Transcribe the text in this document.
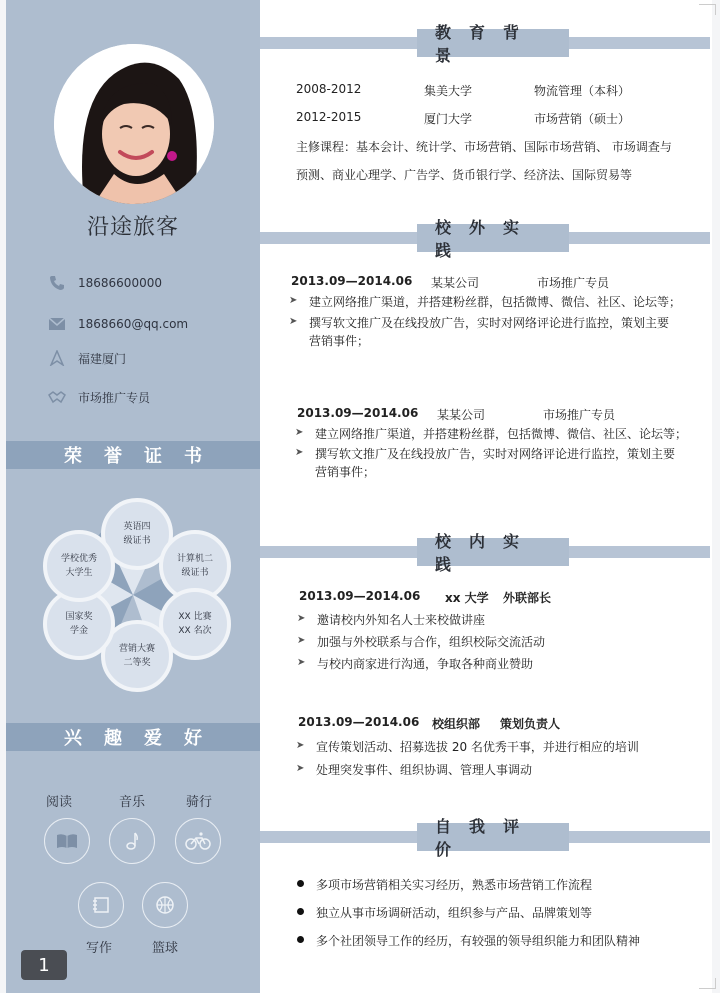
沿途旅客
18686600000
1868660@qq.com
福建厦门
市场推广专员
荣誉证书
英语四
级证书
计算机二
级证书
XX 比赛
XX 名次
营销大赛
二等奖
国家奖
学金
学校优秀
大学生
兴趣爱好
阅读	音乐	骑行
写作	篮球
1
教育背景
2008-2012	集美大学	物流管理（本科）
2012-2015	厦门大学	市场营销（硕士）
主修课程：基本会计、统计学、市场营销、国际市场营销、 市场调查与
预测、商业心理学、广告学、货币银行学、经济法、国际贸易等
校外实践
2013.09—2014.06 某某公司	市场推广专员
➤ 建立网络推广渠道，并搭建粉丝群，包括微博、微信、社区、论坛等；
➤ 撰写软文推广及在线投放广告，实时对网络评论进行监控，策划主要
营销事件；
2013.09—2014.06 某某公司	市场推广专员
➤ 建立网络推广渠道，并搭建粉丝群，包括微博、微信、社区、论坛等；
➤ 撰写软文推广及在线投放广告，实时对网络评论进行监控，策划主要
营销事件；
校内实践
2013.09—2014.06 xx 大学 外联部长
➤ 邀请校内外知名人士来校做讲座
➤ 加强与外校联系与合作，组织校际交流活动
➤ 与校内商家进行沟通，争取各种商业赞助
2013.09—2014.06 校组织部 策划负责人
➤ 宣传策划活动、招募选拔 20 名优秀干事，并进行相应的培训
➤ 处理突发事件、组织协调、管理人事调动
自我评价
多项市场营销相关实习经历，熟悉市场营销工作流程
独立从事市场调研活动，组织参与产品、品牌策划等
多个社团领导工作的经历，有较强的领导组织能力和团队精神
